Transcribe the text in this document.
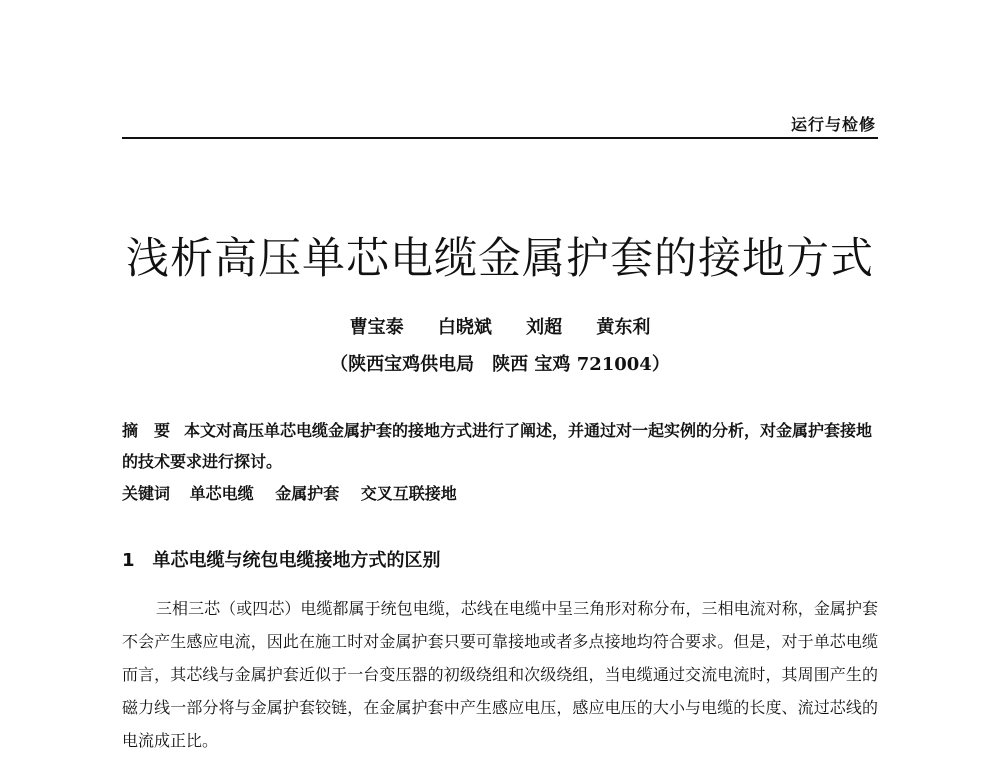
运行与检修
浅析高压单芯电缆金属护套的接地方式
曹宝泰 白晓斌 刘超 黄东利
（陕西宝鸡供电局　陕西 宝鸡 721004）
摘　要 本文对高压单芯电缆金属护套的接地方式进行了阐述，并通过对一起实例的分析，对金属护套接地的技术要求进行探讨。
关键词 单芯电缆 金属护套 交叉互联接地
1 单芯电缆与统包电缆接地方式的区别

三相三芯（或四芯）电缆都属于统包电缆，芯线在电缆中呈三角形对称分布，三相电流对称，金属护套不会产生感应电流，因此在施工时对金属护套只要可靠接地或者多点接地均符合要求。但是，对于单芯电缆而言，其芯线与金属护套近似于一台变压器的初级绕组和次级绕组，当电缆通过交流电流时，其周围产生的磁力线一部分将与金属护套铰链，在金属护套中产生感应电压，感应电压的大小与电缆的长度、流过芯线的电流成正比。
